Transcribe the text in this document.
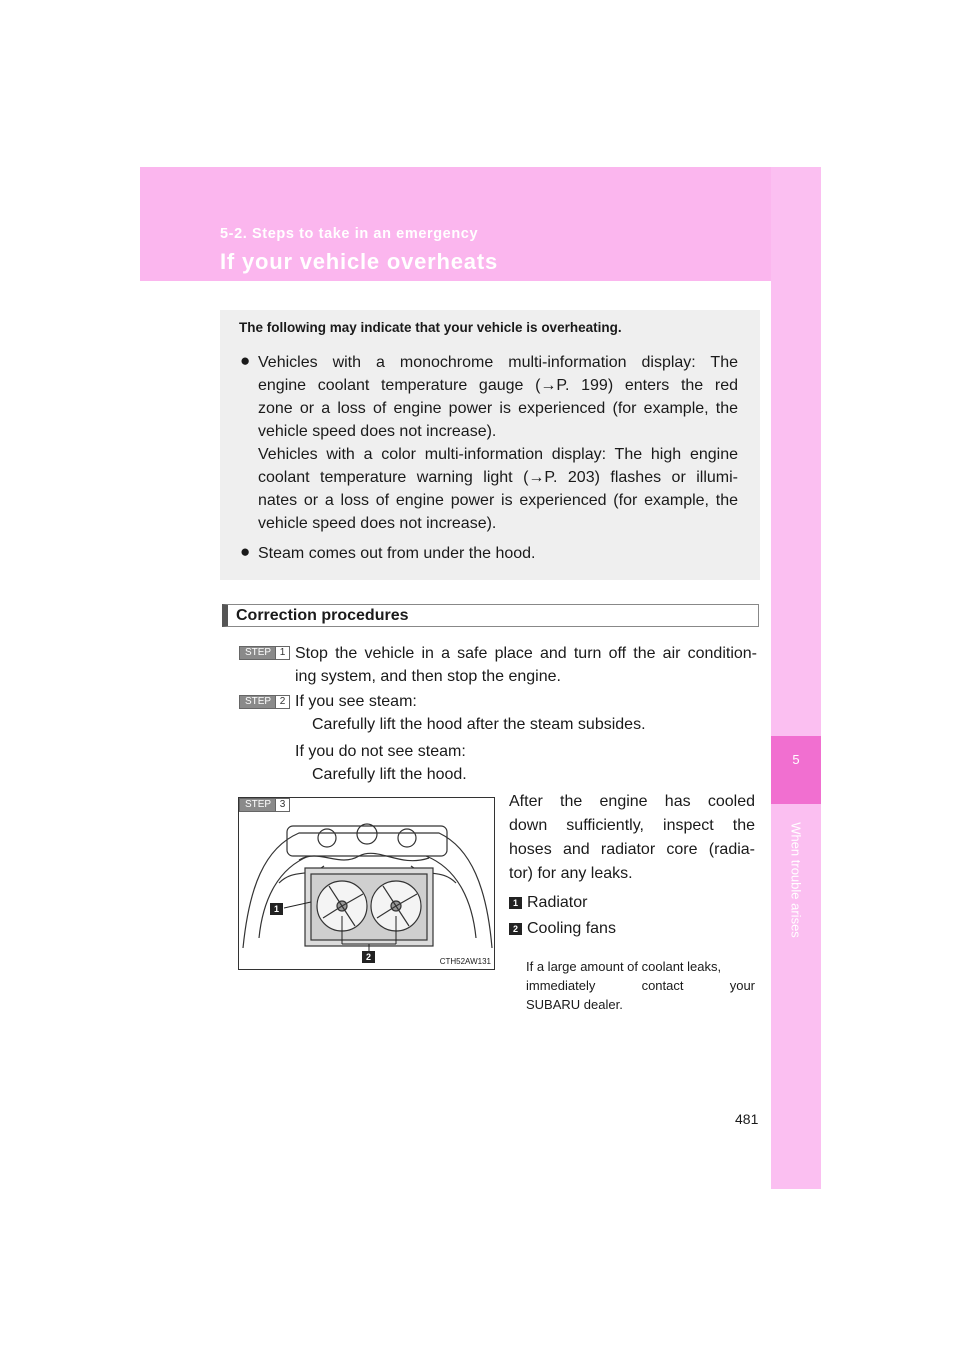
5-2. Steps to take in an emergency
If your vehicle overheats
5
When trouble arises
The following may indicate that your vehicle is overheating.
● Vehicles with a monochrome multi-information display: The
engine coolant temperature gauge (→P. 199) enters the red
zone or a loss of engine power is experienced (for example, the
vehicle speed does not increase).
Vehicles with a color multi-information display: The high engine
coolant temperature warning light (→P. 203) flashes or illumi-
nates or a loss of engine power is experienced (for example, the
vehicle speed does not increase).
● Steam comes out from under the hood.
Correction procedures
STEP 1 Stop the vehicle in a safe place and turn off the air condition-
ing system, and then stop the engine.
STEP 2 If you see steam:
Carefully lift the hood after the steam subsides.
If you do not see steam:
Carefully lift the hood.
STEP 3
1
2	CTH52AW131
After the engine has cooled
down sufficiently, inspect the
hoses and radiator core (radia-
tor) for any leaks.
1 Radiator
2 Cooling fans
If a large amount of coolant leaks,
immediately contact your
SUBARU dealer.
481
